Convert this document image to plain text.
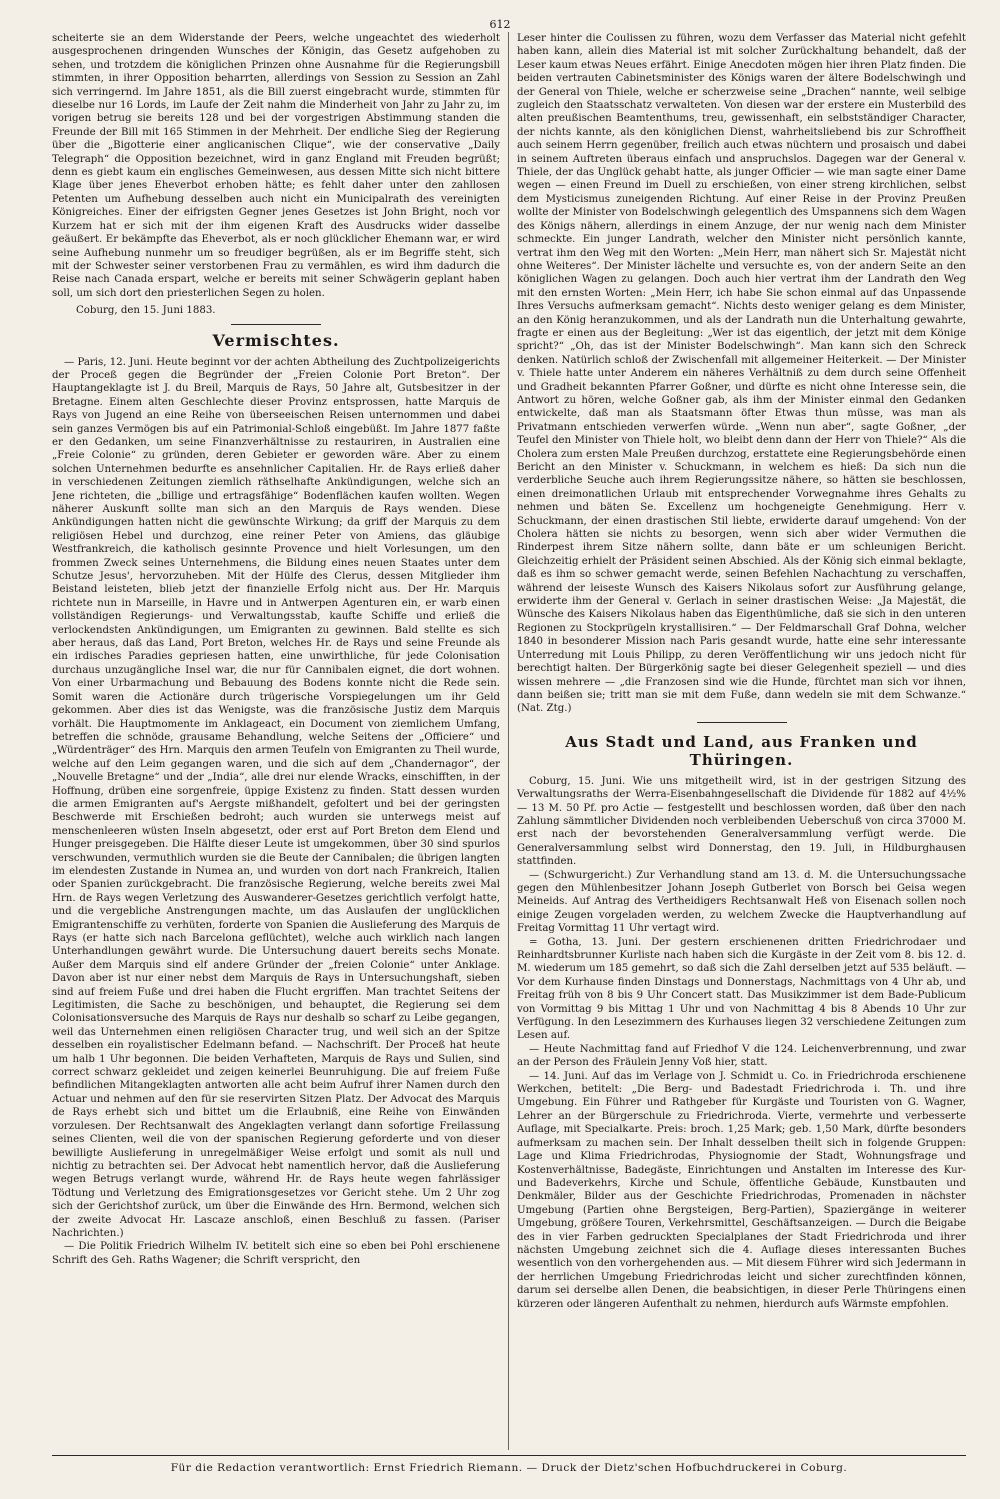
612

scheiterte sie an dem Widerstande der Peers, welche ungeachtet des wiederholt ausgesprochenen dringenden Wunsches der Königin, das Gesetz aufgehoben zu sehen, und trotzdem die königlichen Prinzen ohne Ausnahme für die Regierungsbill stimmten, in ihrer Opposition beharrten, allerdings von Session zu Session an Zahl sich verringernd. Im Jahre 1851, als die Bill zuerst eingebracht wurde, stimmten für dieselbe nur 16 Lords, im Laufe der Zeit nahm die Minderheit von Jahr zu Jahr zu, im vorigen betrug sie bereits 128 und bei der vorgestrigen Abstimmung standen die Freunde der Bill mit 165 Stimmen in der Mehrheit. Der endliche Sieg der Regierung über die „Bigotterie einer anglicanischen Clique“, wie der conservative „Daily Telegraph“ die Opposition bezeichnet, wird in ganz England mit Freuden begrüßt; denn es giebt kaum ein englisches Gemeinwesen, aus dessen Mitte sich nicht bittere Klage über jenes Eheverbot erhoben hätte; es fehlt daher unter den zahllosen Petenten um Aufhebung desselben auch nicht ein Municipalrath des vereinigten Königreiches. Einer der eifrigsten Gegner jenes Gesetzes ist John Bright, noch vor Kurzem hat er sich mit der ihm eigenen Kraft des Ausdrucks wider dasselbe geäußert. Er bekämpfte das Eheverbot, als er noch glücklicher Ehemann war, er wird seine Aufhebung nunmehr um so freudiger begrüßen, als er im Begriffe steht, sich mit der Schwester seiner verstorbenen Frau zu vermählen, es wird ihm dadurch die Reise nach Canada erspart, welche er bereits mit seiner Schwägerin geplant haben soll, um sich dort den priesterlichen Segen zu holen.

Coburg, den 15. Juni 1883.
Vermischtes.

— Paris, 12. Juni. Heute beginnt vor der achten Abtheilung des Zuchtpolizeigerichts der Proceß gegen die Begründer der „Freien Colonie Port Breton“. Der Hauptangeklagte ist J. du Breil, Marquis de Rays, 50 Jahre alt, Gutsbesitzer in der Bretagne. Einem alten Geschlechte dieser Provinz entsprossen, hatte Marquis de Rays von Jugend an eine Reihe von überseeischen Reisen unternommen und dabei sein ganzes Vermögen bis auf ein Patrimonial-Schloß eingebüßt. Im Jahre 1877 faßte er den Gedanken, um seine Finanzverhältnisse zu restauriren, in Australien eine „Freie Colonie“ zu gründen, deren Gebieter er geworden wäre. Aber zu einem solchen Unternehmen bedurfte es ansehnlicher Capitalien. Hr. de Rays erließ daher in verschiedenen Zeitungen ziemlich räthselhafte Ankündigungen, welche sich an Jene richteten, die „billige und ertragsfähige“ Bodenflächen kaufen wollten. Wegen näherer Auskunft sollte man sich an den Marquis de Rays wenden. Diese Ankündigungen hatten nicht die gewünschte Wirkung; da griff der Marquis zu dem religiösen Hebel und durchzog, eine reiner Peter von Amiens, das gläubige Westfrankreich, die katholisch gesinnte Provence und hielt Vorlesungen, um den frommen Zweck seines Unternehmens, die Bildung eines neuen Staates unter dem Schutze Jesus', hervorzuheben. Mit der Hülfe des Clerus, dessen Mitglieder ihm Beistand leisteten, blieb jetzt der finanzielle Erfolg nicht aus. Der Hr. Marquis richtete nun in Marseille, in Havre und in Antwerpen Agenturen ein, er warb einen vollständigen Regierungs- und Verwaltungsstab, kaufte Schiffe und erließ die verlockendsten Ankündigungen, um Emigranten zu gewinnen. Bald stellte es sich aber heraus, daß das Land, Port Breton, welches Hr. de Rays und seine Freunde als ein irdisches Paradies gepriesen hatten, eine unwirthliche, für jede Colonisation durchaus unzugängliche Insel war, die nur für Cannibalen eignet, die dort wohnen. Von einer Urbarmachung und Bebauung des Bodens konnte nicht die Rede sein. Somit waren die Actionäre durch trügerische Vorspiegelungen um ihr Geld gekommen. Aber dies ist das Wenigste, was die französische Justiz dem Marquis vorhält. Die Hauptmomente im Anklageact, ein Document von ziemlichem Umfang, betreffen die schnöde, grausame Behandlung, welche Seitens der „Officiere“ und „Würdenträger“ des Hrn. Marquis den armen Teufeln von Emigranten zu Theil wurde, welche auf den Leim gegangen waren, und die sich auf dem „Chandernagor“, der „Nouvelle Bretagne“ und der „India“, alle drei nur elende Wracks, einschifften, in der Hoffnung, drüben eine sorgenfreie, üppige Existenz zu finden. Statt dessen wurden die armen Emigranten auf's Aergste mißhandelt, gefoltert und bei der geringsten Beschwerde mit Erschießen bedroht; auch wurden sie unterwegs meist auf menschenleeren wüsten Inseln abgesetzt, oder erst auf Port Breton dem Elend und Hunger preisgegeben. Die Hälfte dieser Leute ist umgekommen, über 30 sind spurlos verschwunden, vermuthlich wurden sie die Beute der Cannibalen; die übrigen langten im elendesten Zustande in Numea an, und wurden von dort nach Frankreich, Italien oder Spanien zurückgebracht. Die französische Regierung, welche bereits zwei Mal Hrn. de Rays wegen Verletzung des Auswanderer-Gesetzes gerichtlich verfolgt hatte, und die vergebliche Anstrengungen machte, um das Auslaufen der unglücklichen Emigrantenschiffe zu verhüten, forderte von Spanien die Auslieferung des Marquis de Rays (er hatte sich nach Barcelona geflüchtet), welche auch wirklich nach langen Unterhandlungen gewährt wurde. Die Untersuchung dauert bereits sechs Monate. Außer dem Marquis sind elf andere Gründer der „freien Colonie“ unter Anklage. Davon aber ist nur einer nebst dem Marquis de Rays in Untersuchungshaft, sieben sind auf freiem Fuße und drei haben die Flucht ergriffen. Man trachtet Seitens der Legitimisten, die Sache zu beschönigen, und behauptet, die Regierung sei dem Colonisationsversuche des Marquis de Rays nur deshalb so scharf zu Leibe gegangen, weil das Unternehmen einen religiösen Character trug, und weil sich an der Spitze desselben ein royalistischer Edelmann befand. — Nachschrift. Der Proceß hat heute um halb 1 Uhr begonnen. Die beiden Verhafteten, Marquis de Rays und Sulien, sind correct schwarz gekleidet und zeigen keinerlei Beunruhigung. Die auf freiem Fuße befindlichen Mitangeklagten antworten alle acht beim Aufruf ihrer Namen durch den Actuar und nehmen auf den für sie reservirten Sitzen Platz. Der Advocat des Marquis de Rays erhebt sich und bittet um die Erlaubniß, eine Reihe von Einwänden vorzulesen. Der Rechtsanwalt des Angeklagten verlangt dann sofortige Freilassung seines Clienten, weil die von der spanischen Regierung geforderte und von dieser bewilligte Auslieferung in unregelmäßiger Weise erfolgt und somit als null und nichtig zu betrachten sei. Der Advocat hebt namentlich hervor, daß die Auslieferung wegen Betrugs verlangt wurde, während Hr. de Rays heute wegen fahrlässiger Tödtung und Verletzung des Emigrationsgesetzes vor Gericht stehe. Um 2 Uhr zog sich der Gerichtshof zurück, um über die Einwände des Hrn. Bermond, welchen sich der zweite Advocat Hr. Lascaze anschloß, einen Beschluß zu fassen. (Pariser Nachrichten.)

— Die Politik Friedrich Wilhelm IV. betitelt sich eine so eben bei Pohl erschienene Schrift des Geh. Raths Wagener; die Schrift verspricht, den

Leser hinter die Coulissen zu führen, wozu dem Verfasser das Material nicht gefehlt haben kann, allein dies Material ist mit solcher Zurückhaltung behandelt, daß der Leser kaum etwas Neues erfährt. Einige Anecdoten mögen hier ihren Platz finden. Die beiden vertrauten Cabinetsminister des Königs waren der ältere Bodelschwingh und der General von Thiele, welche er scherzweise seine „Drachen“ nannte, weil selbige zugleich den Staatsschatz verwalteten. Von diesen war der erstere ein Musterbild des alten preußischen Beamtenthums, treu, gewissenhaft, ein selbstständiger Character, der nichts kannte, als den königlichen Dienst, wahrheitsliebend bis zur Schroffheit auch seinem Herrn gegenüber, freilich auch etwas nüchtern und prosaisch und dabei in seinem Auftreten überaus einfach und anspruchslos. Dagegen war der General v. Thiele, der das Unglück gehabt hatte, als junger Officier — wie man sagte einer Dame wegen — einen Freund im Duell zu erschießen, von einer streng kirchlichen, selbst dem Mysticismus zuneigenden Richtung. Auf einer Reise in der Provinz Preußen wollte der Minister von Bodelschwingh gelegentlich des Umspannens sich dem Wagen des Königs nähern, allerdings in einem Anzuge, der nur wenig nach dem Minister schmeckte. Ein junger Landrath, welcher den Minister nicht persönlich kannte, vertrat ihm den Weg mit den Worten: „Mein Herr, man nähert sich Sr. Majestät nicht ohne Weiteres“. Der Minister lächelte und versuchte es, von der andern Seite an den königlichen Wagen zu gelangen. Doch auch hier vertrat ihm der Landrath den Weg mit den ernsten Worten: „Mein Herr, ich habe Sie schon einmal auf das Unpassende Ihres Versuchs aufmerksam gemacht“. Nichts desto weniger gelang es dem Minister, an den König heranzukommen, und als der Landrath nun die Unterhaltung gewahrte, fragte er einen aus der Begleitung: „Wer ist das eigentlich, der jetzt mit dem Könige spricht?“ „Oh, das ist der Minister Bodelschwingh“. Man kann sich den Schreck denken. Natürlich schloß der Zwischenfall mit allgemeiner Heiterkeit. — Der Minister v. Thiele hatte unter Anderem ein näheres Verhältniß zu dem durch seine Offenheit und Gradheit bekannten Pfarrer Goßner, und dürfte es nicht ohne Interesse sein, die Antwort zu hören, welche Goßner gab, als ihm der Minister einmal den Gedanken entwickelte, daß man als Staatsmann öfter Etwas thun müsse, was man als Privatmann entschieden verwerfen würde. „Wenn nun aber“, sagte Goßner, „der Teufel den Minister von Thiele holt, wo bleibt denn dann der Herr von Thiele?“ Als die Cholera zum ersten Male Preußen durchzog, erstattete eine Regierungsbehörde einen Bericht an den Minister v. Schuckmann, in welchem es hieß: Da sich nun die verderbliche Seuche auch ihrem Regierungssitze nähere, so hätten sie beschlossen, einen dreimonatlichen Urlaub mit entsprechender Vorwegnahme ihres Gehalts zu nehmen und bäten Se. Excellenz um hochgeneigte Genehmigung. Herr v. Schuckmann, der einen drastischen Stil liebte, erwiderte darauf umgehend: Von der Cholera hätten sie nichts zu besorgen, wenn sich aber wider Vermuthen die Rinderpest ihrem Sitze nähern sollte, dann bäte er um schleunigen Bericht. Gleichzeitig erhielt der Präsident seinen Abschied. Als der König sich einmal beklagte, daß es ihm so schwer gemacht werde, seinen Befehlen Nachachtung zu verschaffen, während der leiseste Wunsch des Kaisers Nikolaus sofort zur Ausführung gelange, erwiderte ihm der General v. Gerlach in seiner drastischen Weise: „Ja Majestät, die Wünsche des Kaisers Nikolaus haben das Eigenthümliche, daß sie sich in den unteren Regionen zu Stockprügeln krystallisiren.“ — Der Feldmarschall Graf Dohna, welcher 1840 in besonderer Mission nach Paris gesandt wurde, hatte eine sehr interessante Unterredung mit Louis Philipp, zu deren Veröffentlichung wir uns jedoch nicht für berechtigt halten. Der Bürgerkönig sagte bei dieser Gelegenheit speziell — und dies wissen mehrere — „die Franzosen sind wie die Hunde, fürchtet man sich vor ihnen, dann beißen sie; tritt man sie mit dem Fuße, dann wedeln sie mit dem Schwanze.“ (Nat. Ztg.)

Aus Stadt und Land, aus Franken und Thüringen.

Coburg, 15. Juni. Wie uns mitgetheilt wird, ist in der gestrigen Sitzung des Verwaltungsraths der Werra-Eisenbahngesellschaft die Dividende für 1882 auf 4½% — 13 M. 50 Pf. pro Actie — festgestellt und beschlossen worden, daß über den nach Zahlung sämmtlicher Dividenden noch verbleibenden Ueberschuß von circa 37000 M. erst nach der bevorstehenden Generalversammlung verfügt werde. Die Generalversammlung selbst wird Donnerstag, den 19. Juli, in Hildburghausen stattfinden.

— (Schwurgericht.) Zur Verhandlung stand am 13. d. M. die Untersuchungssache gegen den Mühlenbesitzer Johann Joseph Gutberlet von Borsch bei Geisa wegen Meineids. Auf Antrag des Vertheidigers Rechtsanwalt Heß von Eisenach sollen noch einige Zeugen vorgeladen werden, zu welchem Zwecke die Hauptverhandlung auf Freitag Vormittag 11 Uhr vertagt wird.

= Gotha, 13. Juni. Der gestern erschienenen dritten Friedrichrodaer und Reinhardtsbrunner Kurliste nach haben sich die Kurgäste in der Zeit vom 8. bis 12. d. M. wiederum um 185 gemehrt, so daß sich die Zahl derselben jetzt auf 535 beläuft. — Vor dem Kurhause finden Dinstags und Donnerstags, Nachmittags von 4 Uhr ab, und Freitag früh von 8 bis 9 Uhr Concert statt. Das Musikzimmer ist dem Bade-Publicum von Vormittag 9 bis Mittag 1 Uhr und von Nachmittag 4 bis 8 Abends 10 Uhr zur Verfügung. In den Lesezimmern des Kurhauses liegen 32 verschiedene Zeitungen zum Lesen auf.

— Heute Nachmittag fand auf Friedhof V die 124. Leichenverbrennung, und zwar an der Person des Fräulein Jenny Voß hier, statt.

— 14. Juni. Auf das im Verlage von J. Schmidt u. Co. in Friedrichroda erschienene Werkchen, betitelt: „Die Berg- und Badestadt Friedrichroda i. Th. und ihre Umgebung. Ein Führer und Rathgeber für Kurgäste und Touristen von G. Wagner, Lehrer an der Bürgerschule zu Friedrichroda. Vierte, vermehrte und verbesserte Auflage, mit Specialkarte. Preis: broch. 1,25 Mark; geb. 1,50 Mark, dürfte besonders aufmerksam zu machen sein. Der Inhalt desselben theilt sich in folgende Gruppen: Lage und Klima Friedrichrodas, Physiognomie der Stadt, Wohnungsfrage und Kostenverhältnisse, Badegäste, Einrichtungen und Anstalten im Interesse des Kur- und Badeverkehrs, Kirche und Schule, öffentliche Gebäude, Kunstbauten und Denkmäler, Bilder aus der Geschichte Friedrichrodas, Promenaden in nächster Umgebung (Partien ohne Bergsteigen, Berg-Partien), Spaziergänge in weiterer Umgebung, größere Touren, Verkehrsmittel, Geschäftsanzeigen. — Durch die Beigabe des in vier Farben gedruckten Specialplanes der Stadt Friedrichroda und ihrer nächsten Umgebung zeichnet sich die 4. Auflage dieses interessanten Buches wesentlich von den vorhergehenden aus. — Mit diesem Führer wird sich Jedermann in der herrlichen Umgebung Friedrichrodas leicht und sicher zurechtfinden können, darum sei derselbe allen Denen, die beabsichtigen, in dieser Perle Thüringens einen kürzeren oder längeren Aufenthalt zu nehmen, hierdurch aufs Wärmste empfohlen.

Für die Redaction verantwortlich: Ernst Friedrich Riemann. — Druck der Dietz'schen Hofbuchdruckerei in Coburg.
